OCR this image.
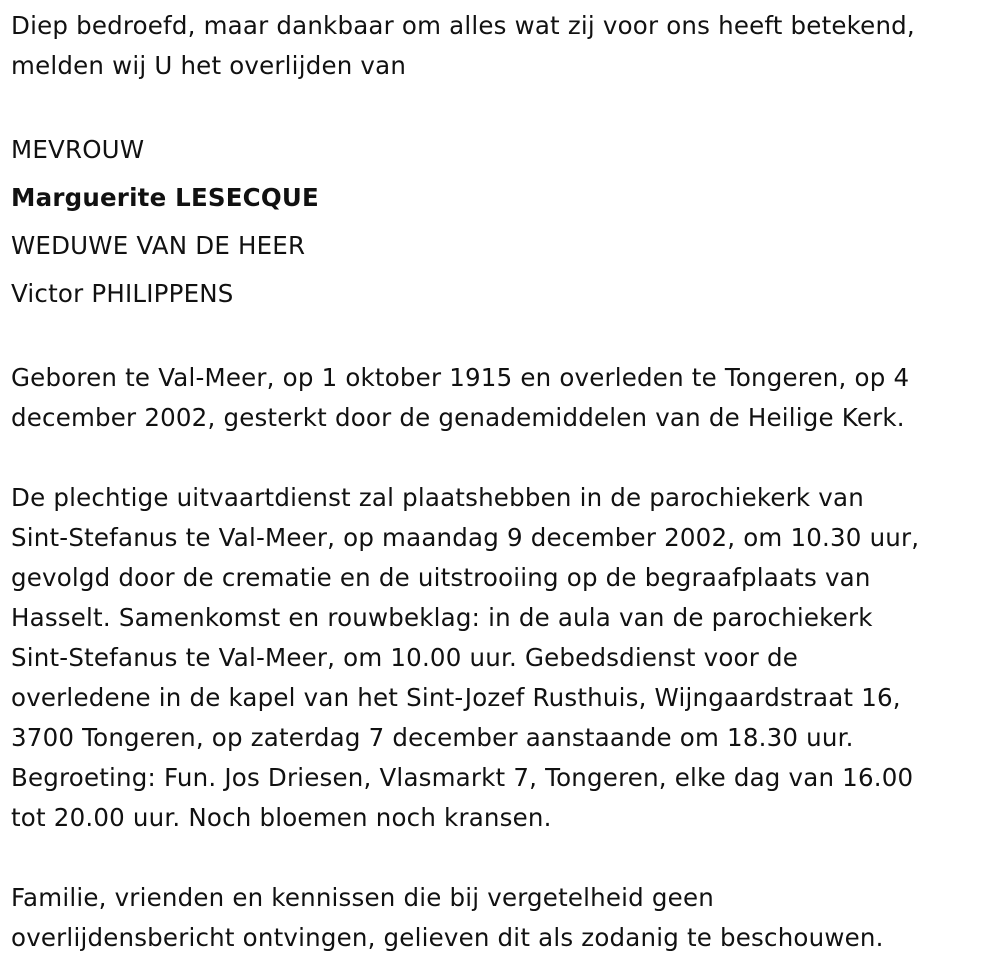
Diep bedroefd, maar dankbaar om alles wat zij voor ons heeft betekend,

melden wij U het overlijden van

MEVROUW

Marguerite LESECQUE

WEDUWE VAN DE HEER

Victor PHILIPPENS

Geboren te Val-Meer, op 1 oktober 1915 en overleden te Tongeren, op 4

december 2002, gesterkt door de genademiddelen van de Heilige Kerk.

De plechtige uitvaartdienst zal plaatshebben in de parochiekerk van

Sint-Stefanus te Val-Meer, op maandag 9 december 2002, om 10.30 uur,

gevolgd door de crematie en de uitstrooiing op de begraafplaats van

Hasselt. Samenkomst en rouwbeklag: in de aula van de parochiekerk

Sint-Stefanus te Val-Meer, om 10.00 uur. Gebedsdienst voor de

overledene in de kapel van het Sint-Jozef Rusthuis, Wijngaardstraat 16,

3700 Tongeren, op zaterdag 7 december aanstaande om 18.30 uur.

Begroeting: Fun. Jos Driesen, Vlasmarkt 7, Tongeren, elke dag van 16.00

tot 20.00 uur. Noch bloemen noch kransen.

Familie, vrienden en kennissen die bij vergetelheid geen

overlijdensbericht ontvingen, gelieven dit als zodanig te beschouwen.
